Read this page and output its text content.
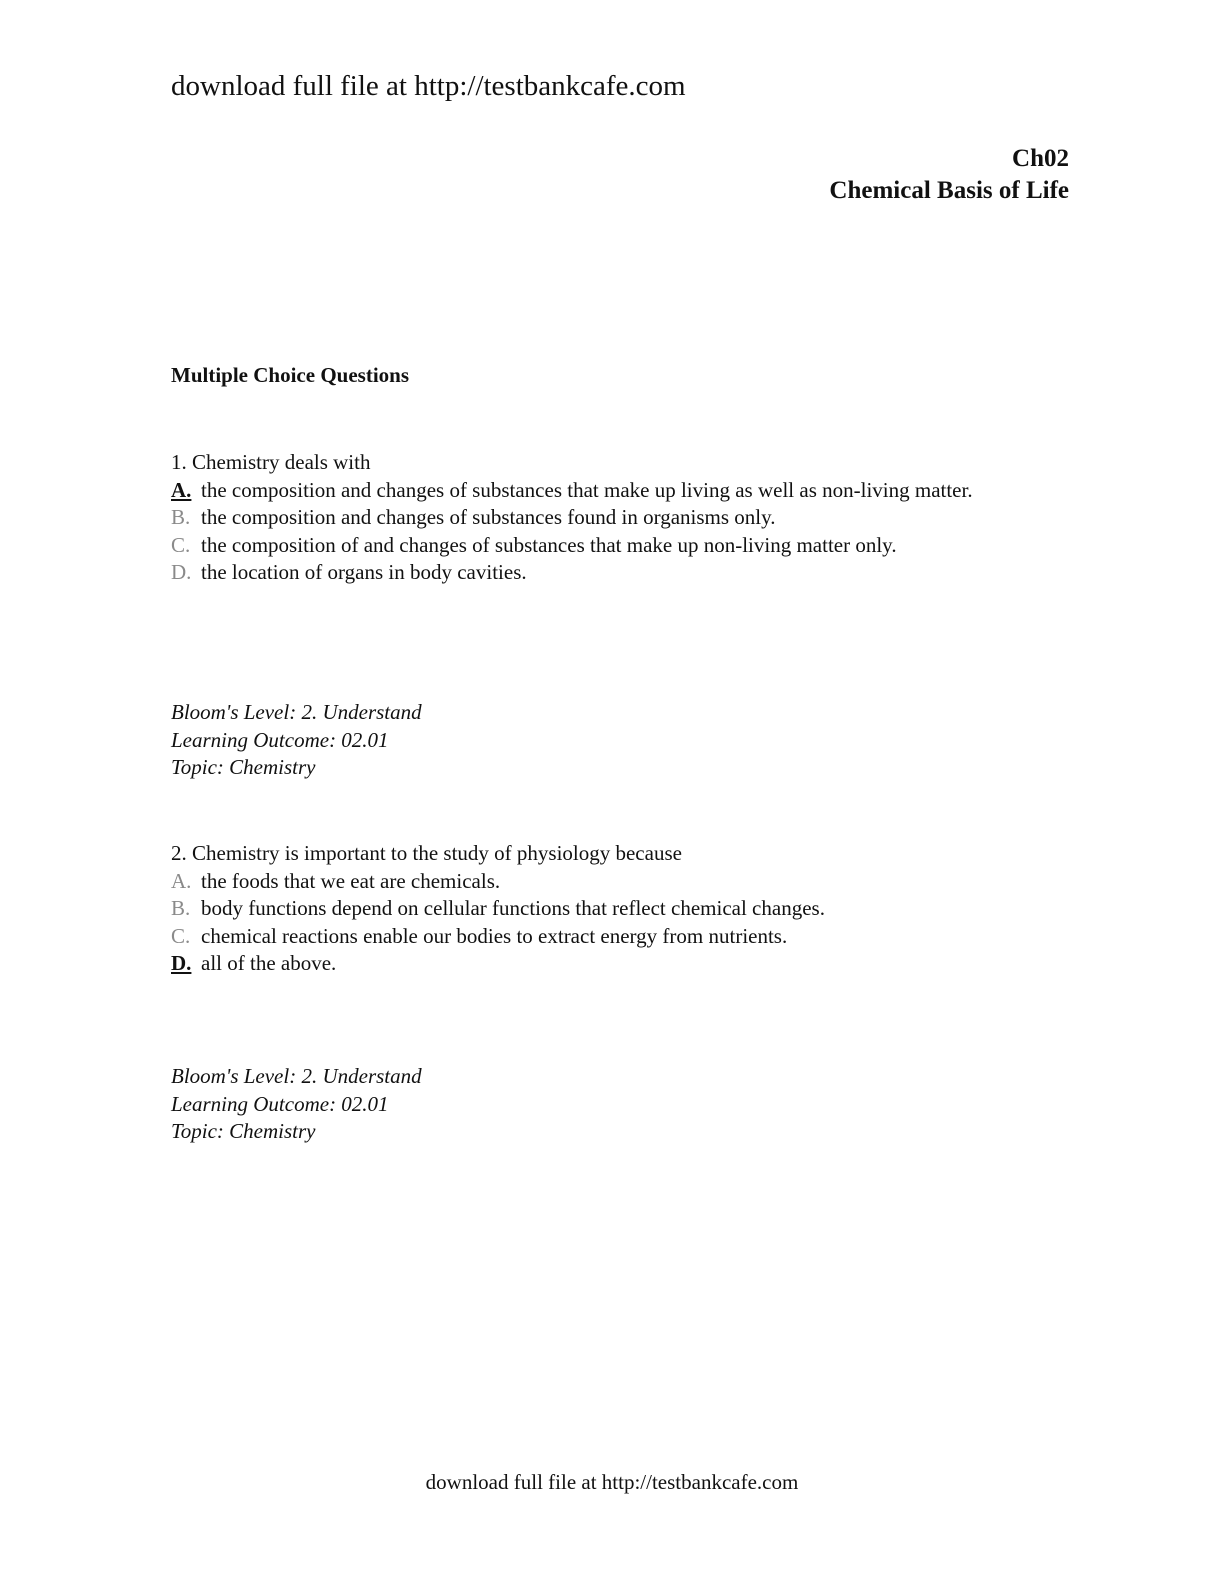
download full file at http://testbankcafe.com
Ch02
Chemical Basis of Life
Multiple Choice Questions
1. Chemistry deals with
A. the composition and changes of substances that make up living as well as non-living matter.
B. the composition and changes of substances found in organisms only.
C. the composition of and changes of substances that make up non-living matter only.
D. the location of organs in body cavities.
Bloom's Level: 2. Understand
Learning Outcome: 02.01
Topic: Chemistry
2. Chemistry is important to the study of physiology because
A. the foods that we eat are chemicals.
B. body functions depend on cellular functions that reflect chemical changes.
C. chemical reactions enable our bodies to extract energy from nutrients.
D. all of the above.
Bloom's Level: 2. Understand
Learning Outcome: 02.01
Topic: Chemistry
download full file at http://testbankcafe.com
